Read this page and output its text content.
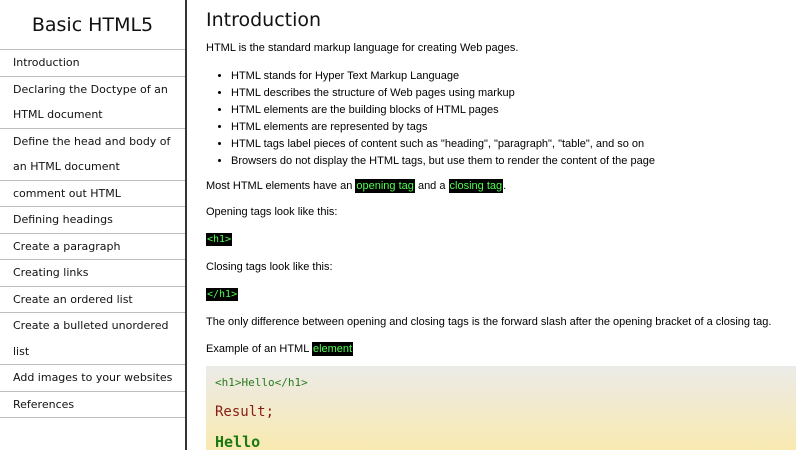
Basic HTML5
Introduction
Declaring the Doctype of an HTML document
Define the head and body of an HTML document
comment out HTML
Defining headings
Create a paragraph
Creating links
Create an ordered list
Create a bulleted unordered list
Add images to your websites
References
Introduction

HTML is the standard markup language for creating Web pages.

• HTML stands for Hyper Text Markup Language
• HTML describes the structure of Web pages using markup
• HTML elements are the building blocks of HTML pages
• HTML elements are represented by tags
• HTML tags label pieces of content such as "heading", "paragraph", "table", and so on
• Browsers do not display the HTML tags, but use them to render the content of the page

Most HTML elements have an opening tag and a closing tag.

Opening tags look like this:

<h1>

Closing tags look like this:

</h1>

The only difference between opening and closing tags is the forward slash after the opening bracket of a closing tag.

Example of an HTML element

<h1>Hello</h1>
Result;
Hello
